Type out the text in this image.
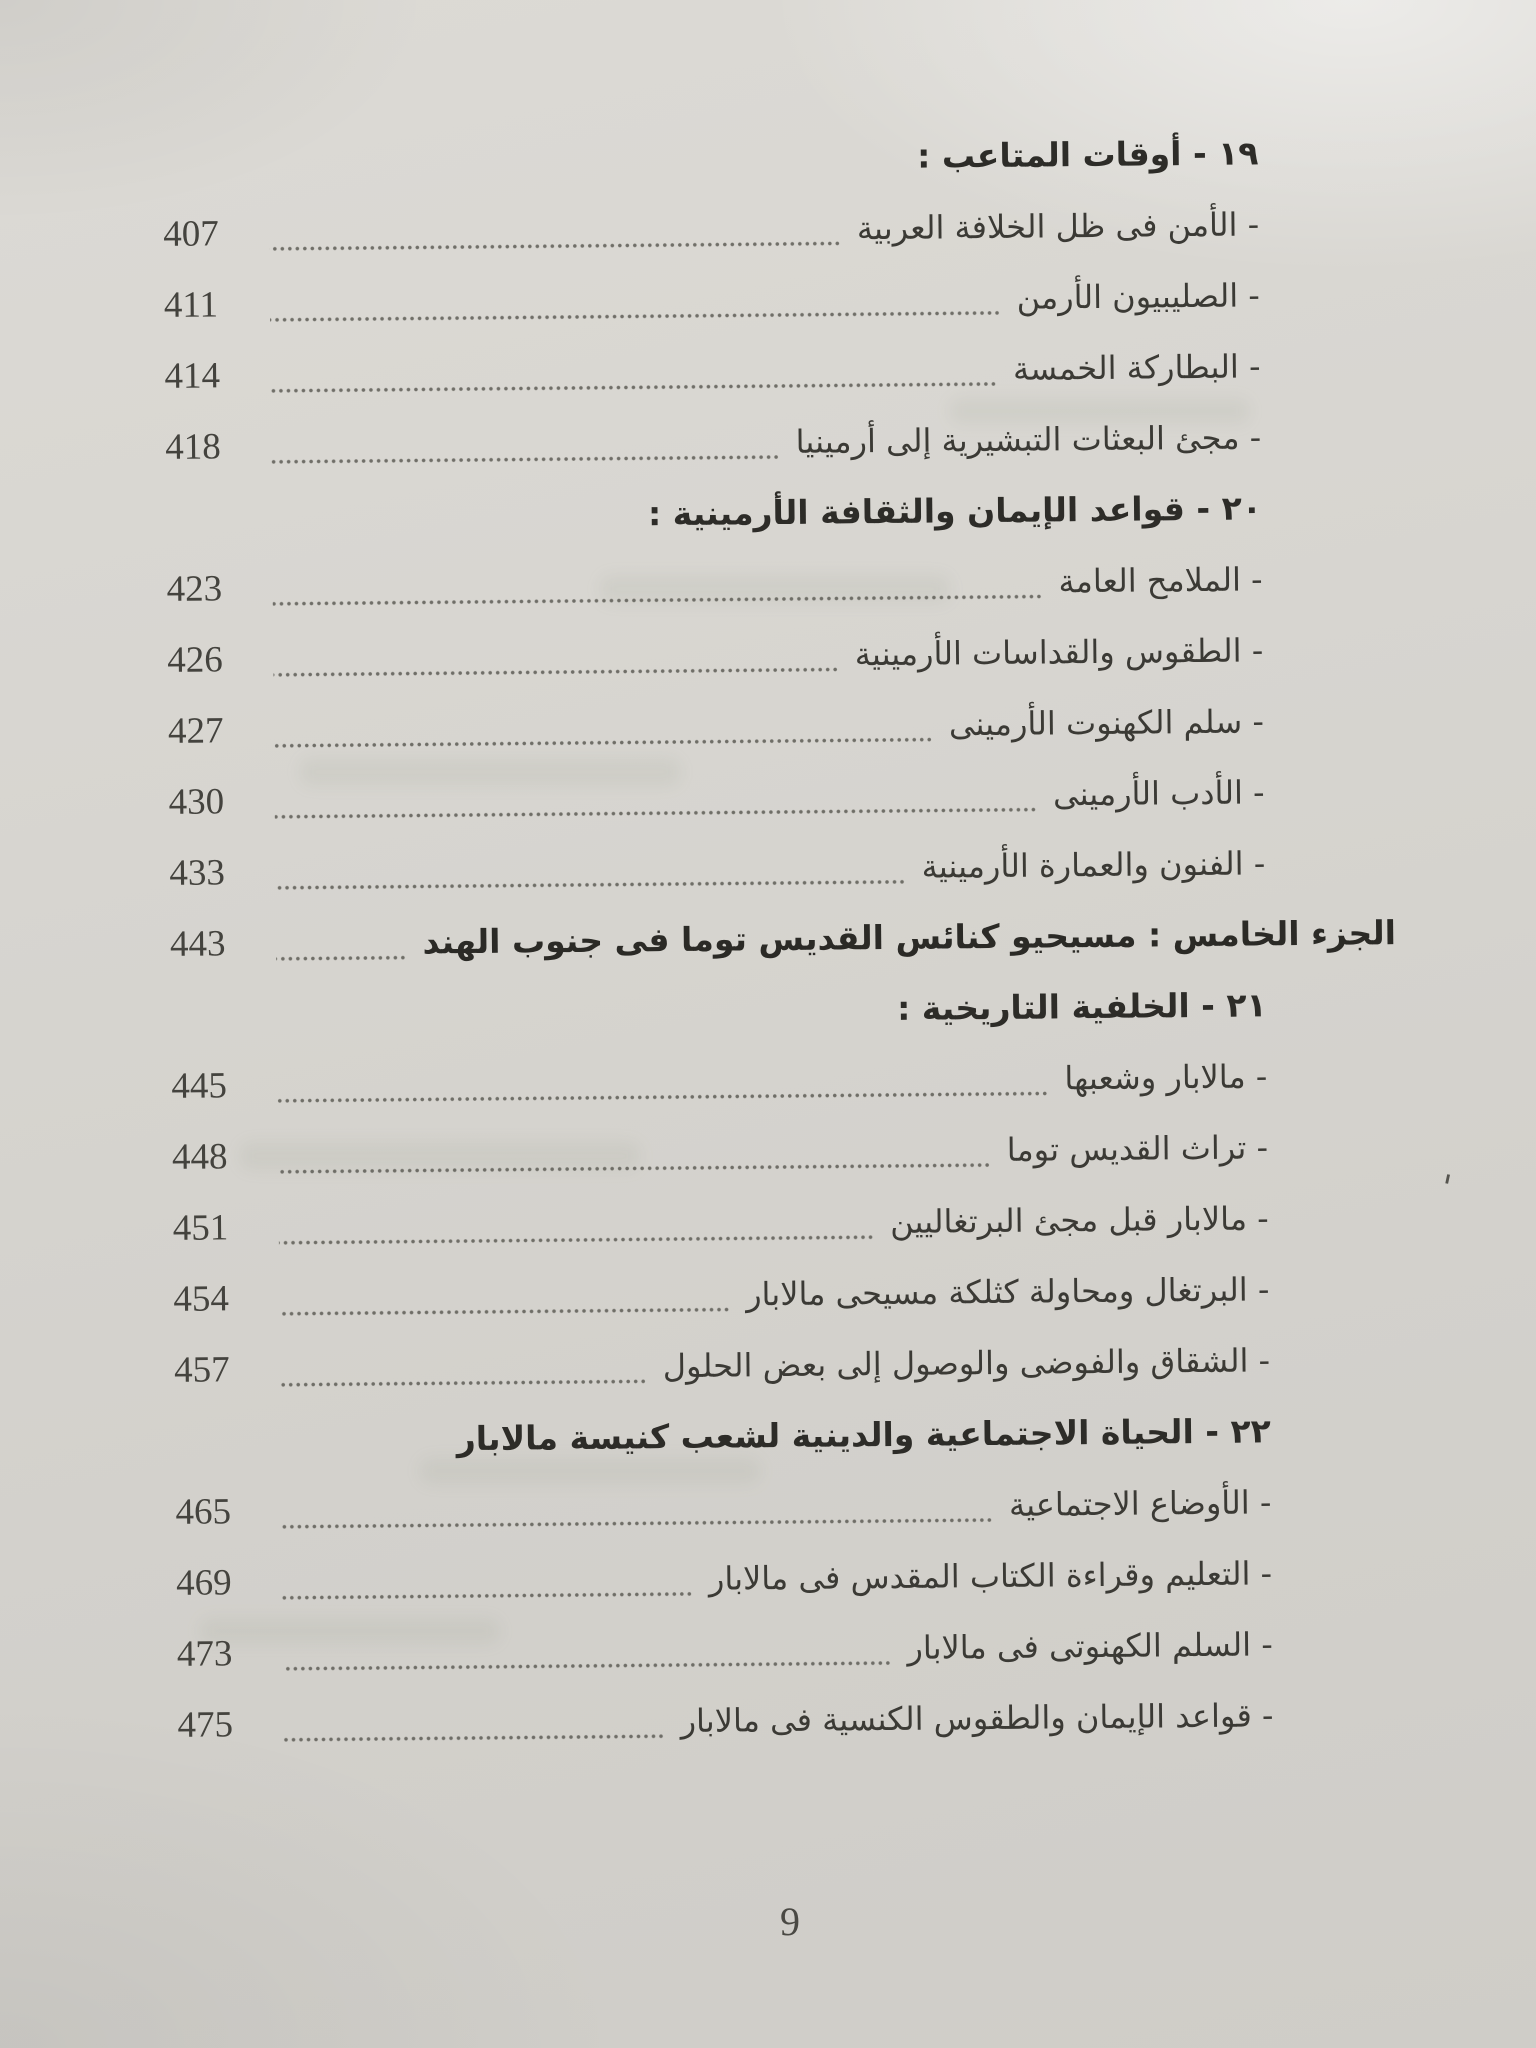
١٩ - أوقات المتاعب :
- الأمن فى ظل الخلافة العربية
407
- الصليبيون الأرمن
411
- البطاركة الخمسة
414
- مجئ البعثات التبشيرية إلى أرمينيا
418
٢٠ - قواعد الإيمان والثقافة الأرمينية :
- الملامح العامة
423
- الطقوس والقداسات الأرمينية
426
- سلم الكهنوت الأرمينى
427
- الأدب الأرمينى
430
- الفنون والعمارة الأرمينية
433
الجزء الخامس : مسيحيو كنائس القديس توما فى جنوب الهند
443
٢١ - الخلفية التاريخية :
- مالابار وشعبها
445
- تراث القديس توما
448
- مالابار قبل مجئ البرتغاليين
451
- البرتغال ومحاولة كثلكة مسيحى مالابار
454
- الشقاق والفوضى والوصول إلى بعض الحلول
457
٢٢ - الحياة الاجتماعية والدينية لشعب كنيسة مالابار
- الأوضاع الاجتماعية
465
- التعليم وقراءة الكتاب المقدس فى مالابار
469
- السلم الكهنوتى فى مالابار
473
- قواعد الإيمان والطقوس الكنسية فى مالابار
475
'
9
